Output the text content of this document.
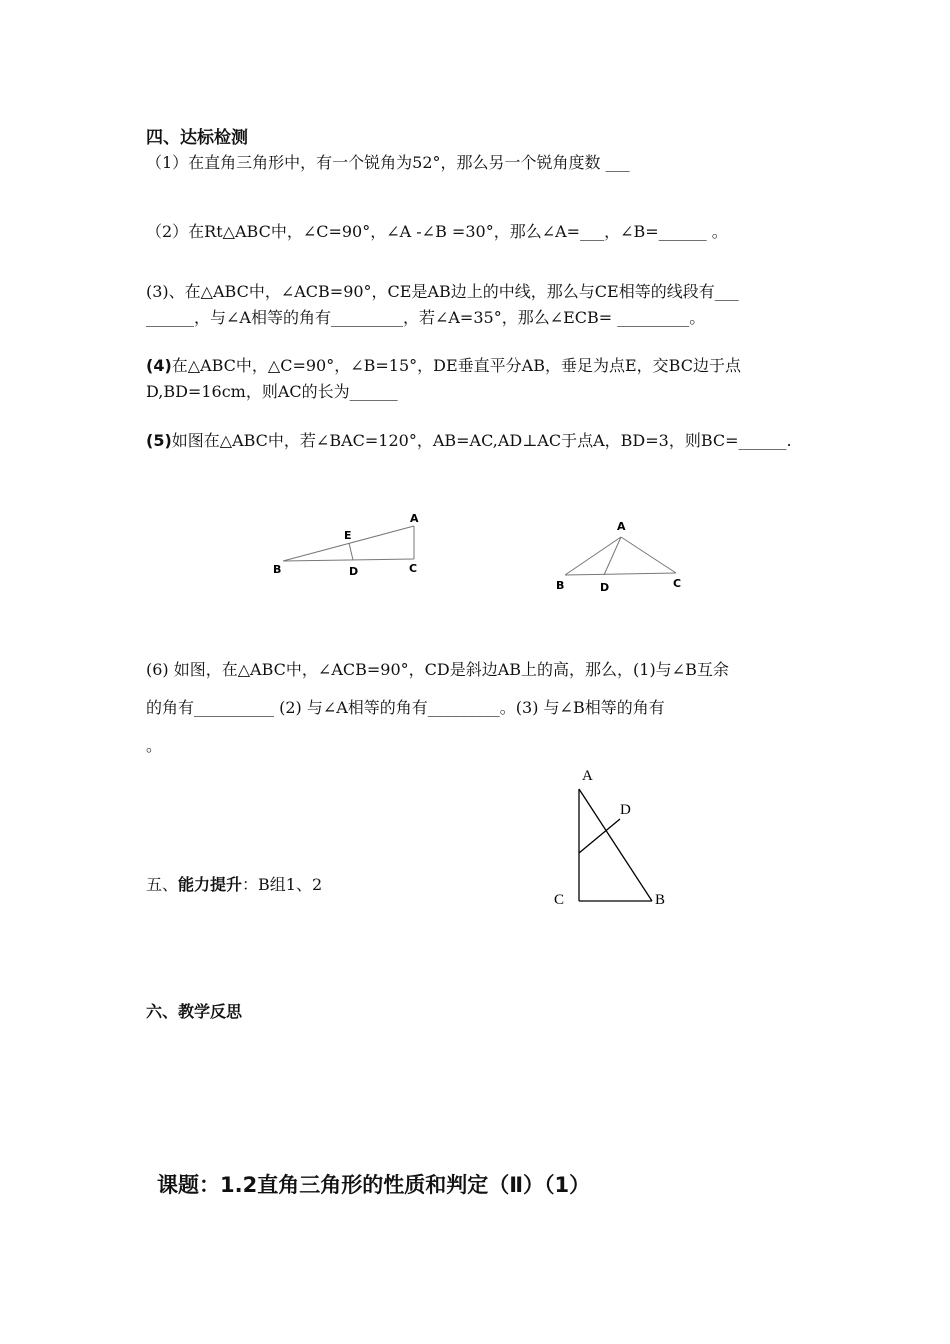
四、达标检测
（1）在直角三角形中，有一个锐角为52°，那么另一个锐角度数 ___
（2）在Rt△ABC中，∠C=90°，∠A -∠B =30°，那么∠A=___，∠B=______ 。
(3)、在△ABC中，∠ACB=90°，CE是AB边上的中线，那么与CE相等的线段有___
______，与∠A相等的角有_________，若∠A=35°，那么∠ECB= _________。
(4)在△ABC中，△C=90°，∠B=15°，DE垂直平分AB，垂足为点E，交BC边于点
D,BD=16cm，则AC的长为______
(5)如图在△ABC中，若∠BAC=120°，AB=AC,AD⊥AC于点A，BD=3，则BC=______.
A
E
B	D	C
A
B	D	C
(6) 如图，在△ABC中，∠ACB=90°，CD是斜边AB上的高，那么，(1)与∠B互余
的角有__________ (2) 与∠A相等的角有_________。(3) 与∠B相等的角有
。
A
D
C	B
五、能力提升：B组1、2
六、教学反思
课题：1.2直角三角形的性质和判定（Ⅱ）（1）
